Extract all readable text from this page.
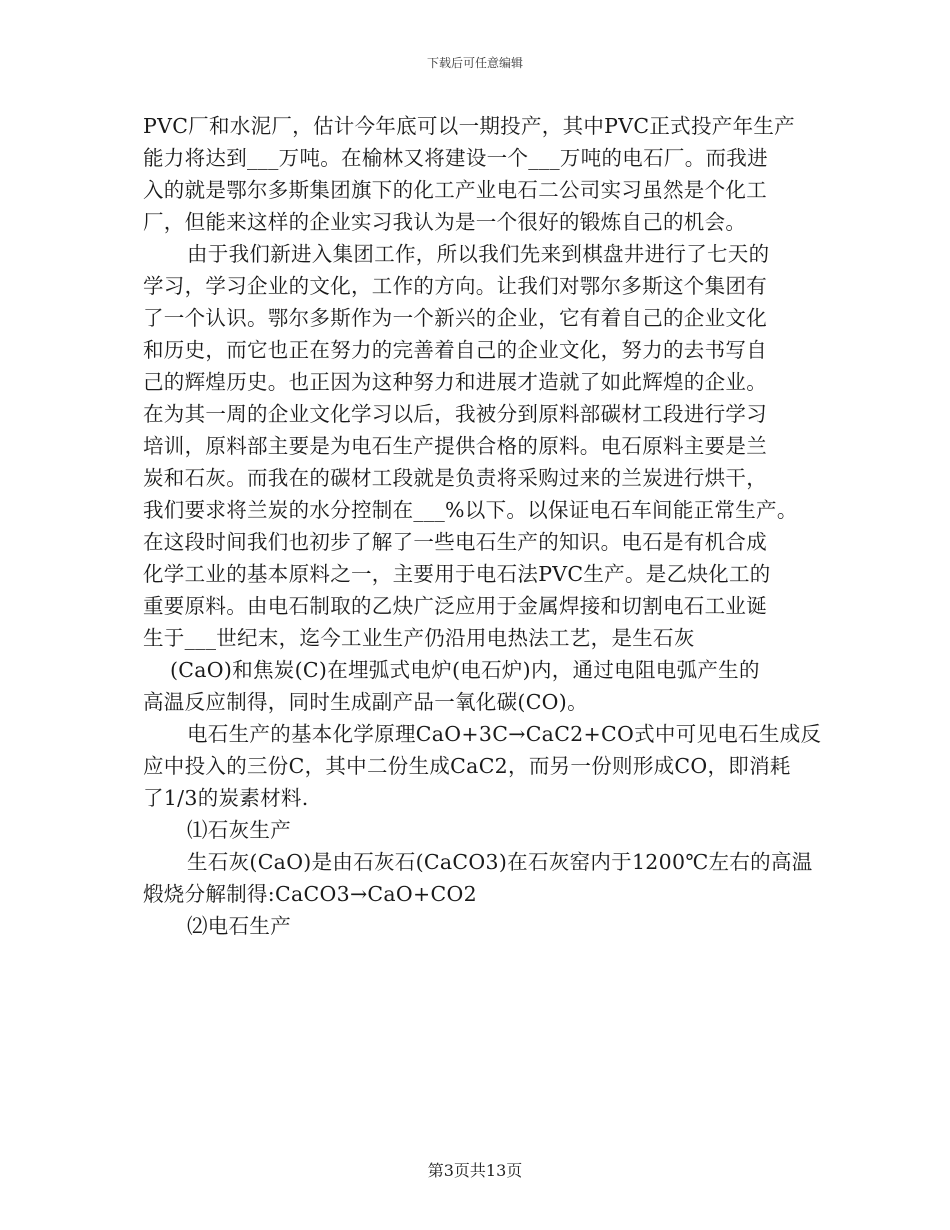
下载后可任意编辑
PVC厂和水泥厂，估计今年底可以一期投产，其中PVC正式投产年生产
能力将达到___万吨。在榆林又将建设一个___万吨的电石厂。而我进
入的就是鄂尔多斯集团旗下的化工产业电石二公司实习虽然是个化工
厂，但能来这样的企业实习我认为是一个很好的锻炼自己的机会。
由于我们新进入集团工作，所以我们先来到棋盘井进行了七天的
学习，学习企业的文化，工作的方向。让我们对鄂尔多斯这个集团有
了一个认识。鄂尔多斯作为一个新兴的企业，它有着自己的企业文化
和历史，而它也正在努力的完善着自己的企业文化，努力的去书写自
己的辉煌历史。也正因为这种努力和进展才造就了如此辉煌的企业。
在为其一周的企业文化学习以后，我被分到原料部碳材工段进行学习
培训，原料部主要是为电石生产提供合格的原料。电石原料主要是兰
炭和石灰。而我在的碳材工段就是负责将采购过来的兰炭进行烘干，
我们要求将兰炭的水分控制在___%以下。以保证电石车间能正常生产。
在这段时间我们也初步了解了一些电石生产的知识。电石是有机合成
化学工业的基本原料之一，主要用于电石法PVC生产。是乙炔化工的
重要原料。由电石制取的乙炔广泛应用于金属焊接和切割电石工业诞
生于___世纪末，迄今工业生产仍沿用电热法工艺，是生石灰
(CaO)和焦炭(C)在埋弧式电炉(电石炉)内，通过电阻电弧产生的
高温反应制得，同时生成副产品一氧化碳(CO)。
电石生产的基本化学原理CaO+3C→CaC2+CO式中可见电石生成反
应中投入的三份C，其中二份生成CaC2，而另一份则形成CO，即消耗
了1/3的炭素材料.
⑴石灰生产
生石灰(CaO)是由石灰石(CaCO3)在石灰窑内于1200℃左右的高温
煅烧分解制得:CaCO3→CaO+CO2
⑵电石生产
第3页共13页
